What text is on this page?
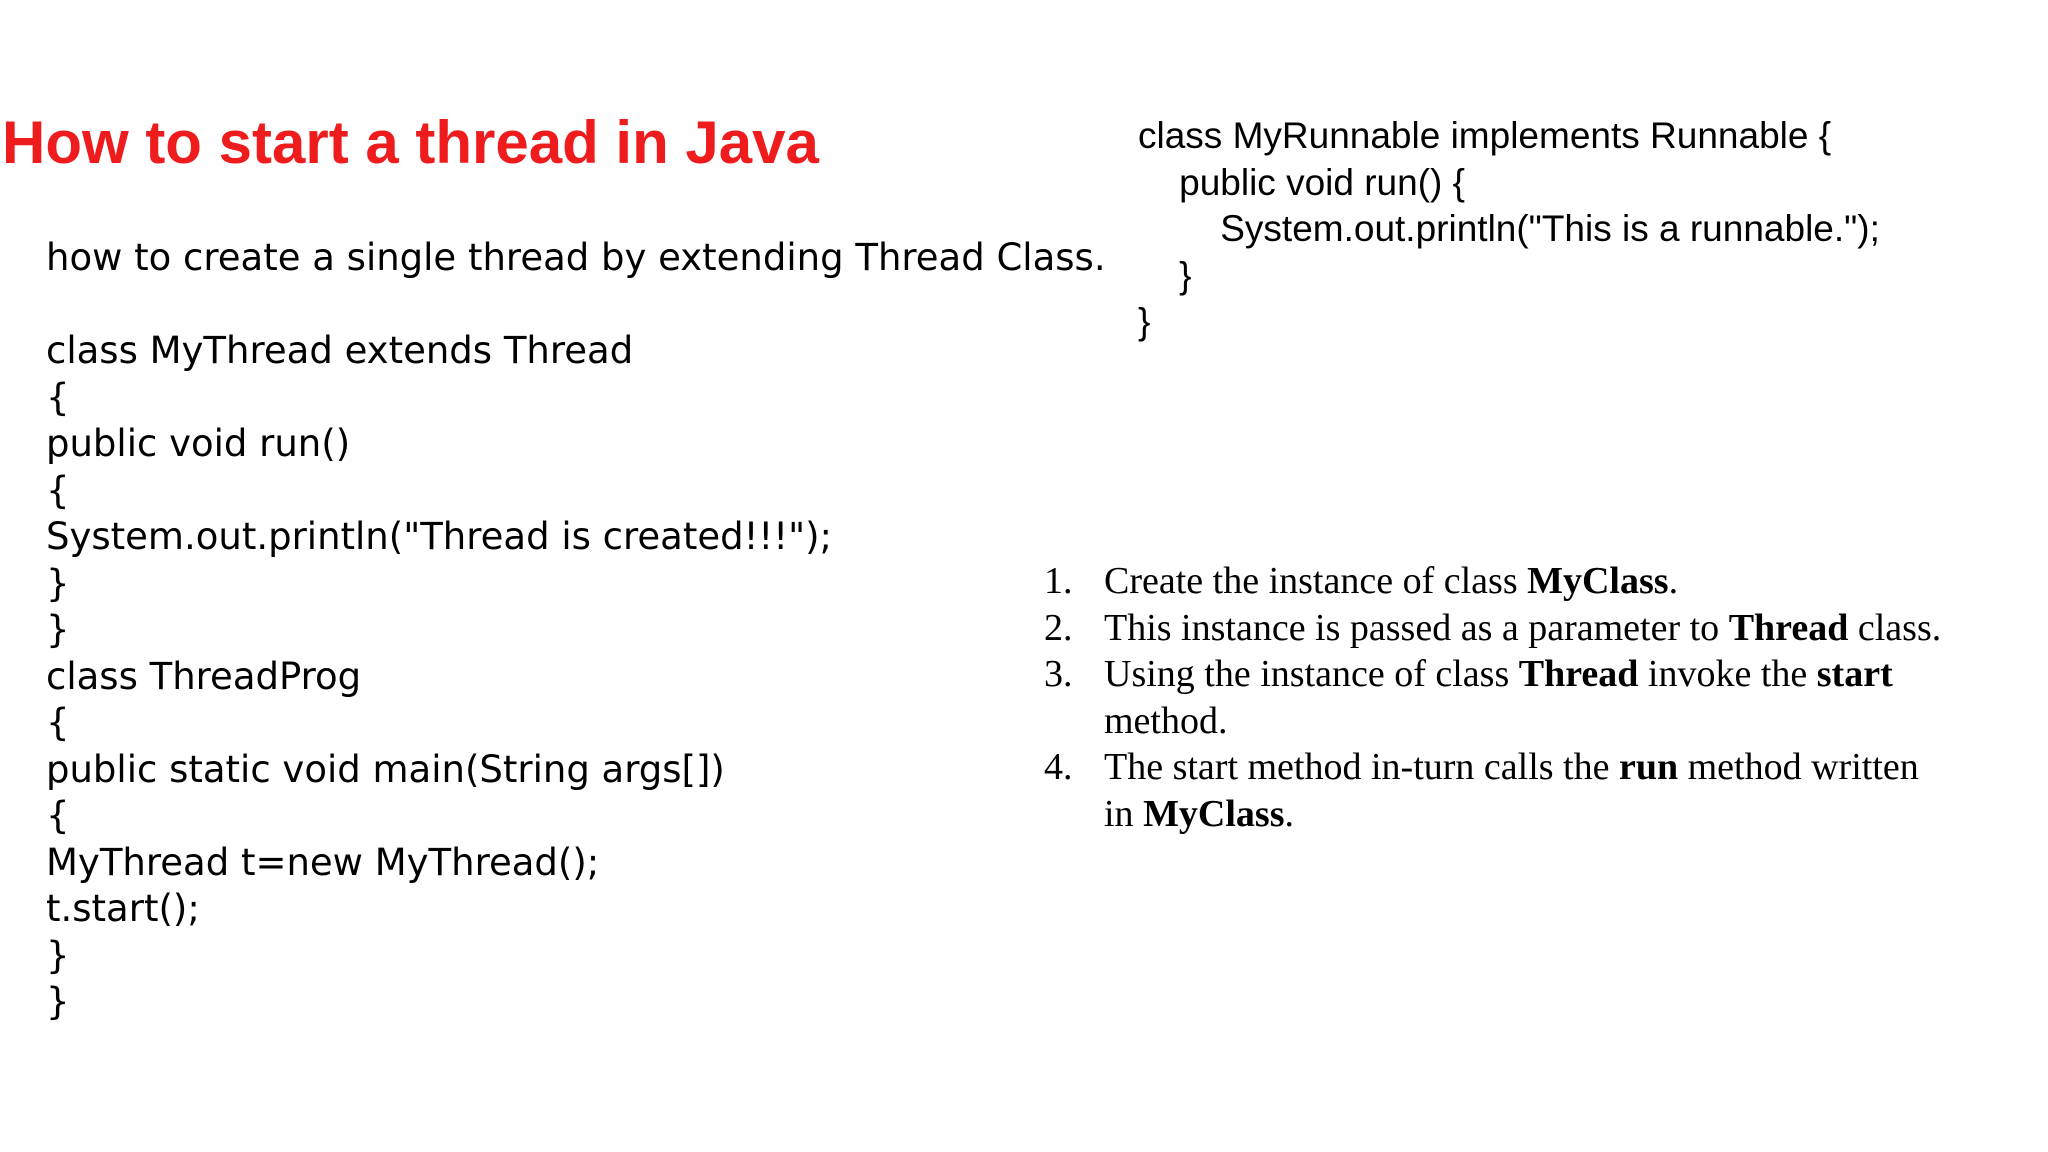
How to start a thread in Java
how to create a single thread by extending Thread Class.
class MyThread extends Thread
{
public void run()
{
System.out.println("Thread is created!!!");
}
}
class ThreadProg
{
public static void main(String args[])
{
MyThread t=new MyThread();
t.start();
}
}
class MyRunnable implements Runnable {
public void run() {
System.out.println("This is a runnable.");
}
}
1. Create the instance of class MyClass.
2. This instance is passed as a parameter to Thread class.
3. Using the instance of class Thread invoke the start
method.
4. The start method in-turn calls the run method written
in MyClass.
